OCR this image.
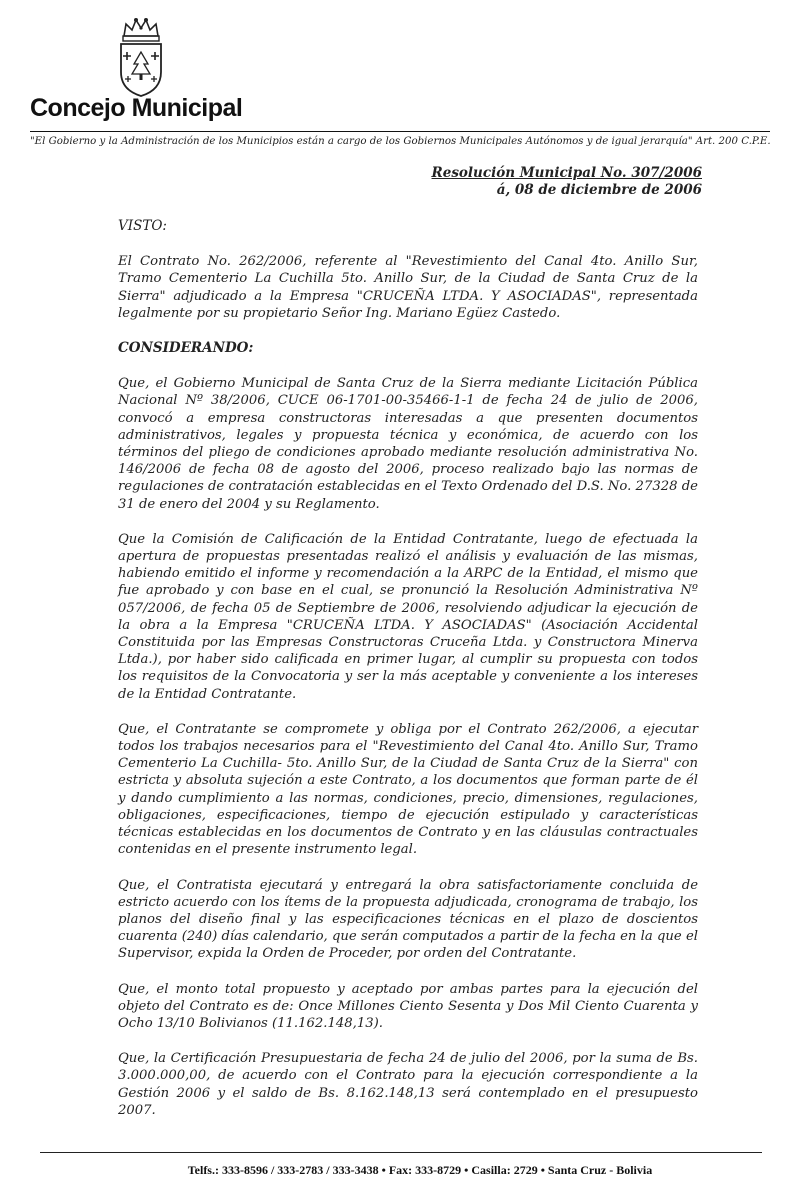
Concejo Municipal
"El Gobierno y la Administración de los Municipios están a cargo de los Gobiernos Municipales Autónomos y de igual jerarquía" Art. 200 C.P.E.
Resolución Municipal No. 307/2006
á, 08 de diciembre de 2006
VISTO:

El Contrato No. 262/2006, referente al "Revestimiento del Canal 4to. Anillo Sur, Tramo Cementerio La Cuchilla 5to. Anillo Sur, de la Ciudad de Santa Cruz de la Sierra" adjudicado a la Empresa "CRUCEÑA LTDA. Y ASOCIADAS", representada legalmente por su propietario Señor Ing. Mariano Egüez Castedo.

CONSIDERANDO:

Que, el Gobierno Municipal de Santa Cruz de la Sierra mediante Licitación Pública Nacional Nº 38/2006, CUCE 06-1701-00-35466-1-1 de fecha 24 de julio de 2006, convocó a empresa constructoras interesadas a que presenten documentos administrativos, legales y propuesta técnica y económica, de acuerdo con los términos del pliego de condiciones aprobado mediante resolución administrativa No. 146/2006 de fecha 08 de agosto del 2006, proceso realizado bajo las normas de regulaciones de contratación establecidas en el Texto Ordenado del D.S. No. 27328 de 31 de enero del 2004 y su Reglamento.

Que la Comisión de Calificación de la Entidad Contratante, luego de efectuada la apertura de propuestas presentadas realizó el análisis y evaluación de las mismas, habiendo emitido el informe y recomendación a la ARPC de la Entidad, el mismo que fue aprobado y con base en el cual, se pronunció la Resolución Administrativa Nº 057/2006, de fecha 05 de Septiembre de 2006, resolviendo adjudicar la ejecución de la obra a la Empresa "CRUCEÑA LTDA. Y ASOCIADAS" (Asociación Accidental Constituida por las Empresas Constructoras Cruceña Ltda. y Constructora Minerva Ltda.), por haber sido calificada en primer lugar, al cumplir su propuesta con todos los requisitos de la Convocatoria y ser la más aceptable y conveniente a los intereses de la Entidad Contratante.

Que, el Contratante se compromete y obliga por el Contrato 262/2006, a ejecutar todos los trabajos necesarios para el "Revestimiento del Canal 4to. Anillo Sur, Tramo Cementerio La Cuchilla- 5to. Anillo Sur, de la Ciudad de Santa Cruz de la Sierra" con estricta y absoluta sujeción a este Contrato, a los documentos que forman parte de él y dando cumplimiento a las normas, condiciones, precio, dimensiones, regulaciones, obligaciones, especificaciones, tiempo de ejecución estipulado y características técnicas establecidas en los documentos de Contrato y en las cláusulas contractuales contenidas en el presente instrumento legal.

Que, el Contratista ejecutará y entregará la obra satisfactoriamente concluida de estricto acuerdo con los ítems de la propuesta adjudicada, cronograma de trabajo, los planos del diseño final y las especificaciones técnicas en el plazo de doscientos cuarenta (240) días calendario, que serán computados a partir de la fecha en la que el Supervisor, expida la Orden de Proceder, por orden del Contratante.

Que, el monto total propuesto y aceptado por ambas partes para la ejecución del objeto del Contrato es de: Once Millones Ciento Sesenta y Dos Mil Ciento Cuarenta y Ocho 13/10 Bolivianos (11.162.148,13).

Que, la Certificación Presupuestaria de fecha 24 de julio del 2006, por la suma de Bs. 3.000.000,00, de acuerdo con el Contrato para la ejecución correspondiente a la Gestión 2006 y el saldo de Bs. 8.162.148,13 será contemplado en el presupuesto 2007.

Telfs.: 333-8596 / 333-2783 / 333-3438 • Fax: 333-8729 • Casilla: 2729 • Santa Cruz - Bolivia
